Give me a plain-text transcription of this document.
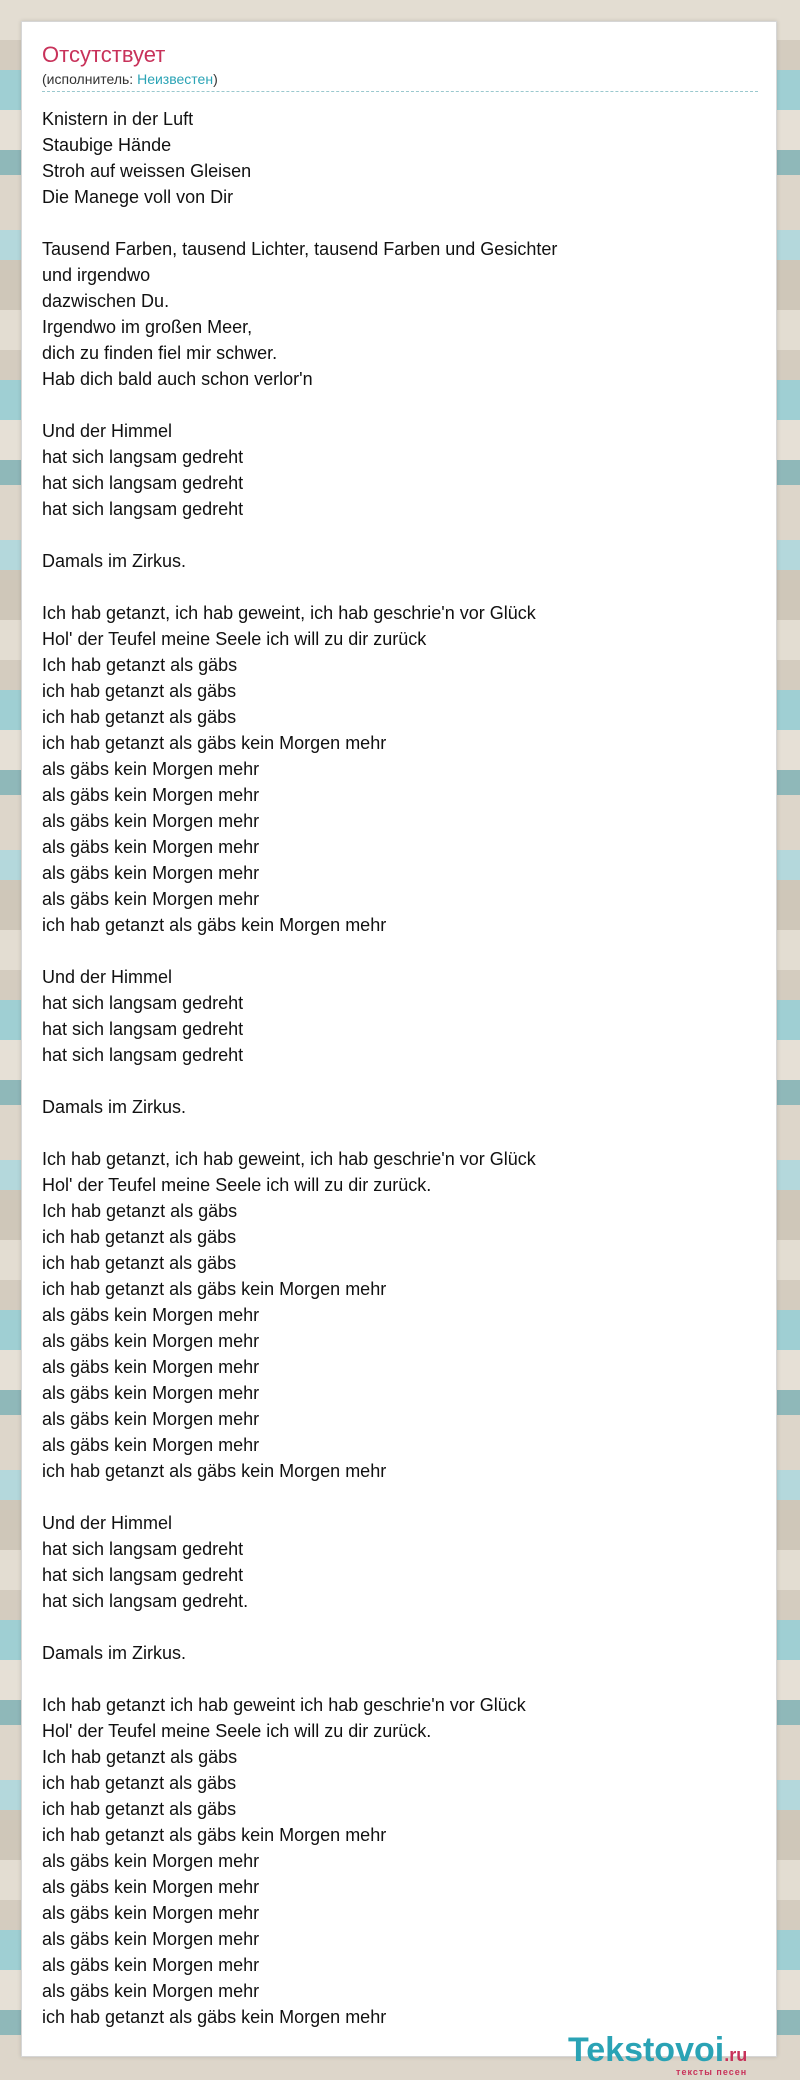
Отсутствует
(исполнитель: Неизвестен)
Knistern in der Luft
Staubige Hände
Stroh auf weissen Gleisen
Die Manege voll von Dir
Tausend Farben, tausend Lichter, tausend Farben und Gesichter
und irgendwo
dazwischen Du.
Irgendwo im großen Meer,
dich zu finden fiel mir schwer.
Hab dich bald auch schon verlor'n
Und der Himmel
hat sich langsam gedreht
hat sich langsam gedreht
hat sich langsam gedreht
Damals im Zirkus.
Ich hab getanzt, ich hab geweint, ich hab geschrie'n vor Glück
Hol' der Teufel meine Seele ich will zu dir zurück
Ich hab getanzt als gäbs
ich hab getanzt als gäbs
ich hab getanzt als gäbs
ich hab getanzt als gäbs kein Morgen mehr
als gäbs kein Morgen mehr
als gäbs kein Morgen mehr
als gäbs kein Morgen mehr
als gäbs kein Morgen mehr
als gäbs kein Morgen mehr
als gäbs kein Morgen mehr
ich hab getanzt als gäbs kein Morgen mehr
Und der Himmel
hat sich langsam gedreht
hat sich langsam gedreht
hat sich langsam gedreht
Damals im Zirkus.
Ich hab getanzt, ich hab geweint, ich hab geschrie'n vor Glück
Hol' der Teufel meine Seele ich will zu dir zurück.
Ich hab getanzt als gäbs
ich hab getanzt als gäbs
ich hab getanzt als gäbs
ich hab getanzt als gäbs kein Morgen mehr
als gäbs kein Morgen mehr
als gäbs kein Morgen mehr
als gäbs kein Morgen mehr
als gäbs kein Morgen mehr
als gäbs kein Morgen mehr
als gäbs kein Morgen mehr
ich hab getanzt als gäbs kein Morgen mehr
Und der Himmel
hat sich langsam gedreht
hat sich langsam gedreht
hat sich langsam gedreht.
Damals im Zirkus.
Ich hab getanzt ich hab geweint ich hab geschrie'n vor Glück
Hol' der Teufel meine Seele ich will zu dir zurück.
Ich hab getanzt als gäbs
ich hab getanzt als gäbs
ich hab getanzt als gäbs
ich hab getanzt als gäbs kein Morgen mehr
als gäbs kein Morgen mehr
als gäbs kein Morgen mehr
als gäbs kein Morgen mehr
als gäbs kein Morgen mehr
als gäbs kein Morgen mehr
als gäbs kein Morgen mehr
ich hab getanzt als gäbs kein Morgen mehr
Tekstovoi.ru
тексты песен
